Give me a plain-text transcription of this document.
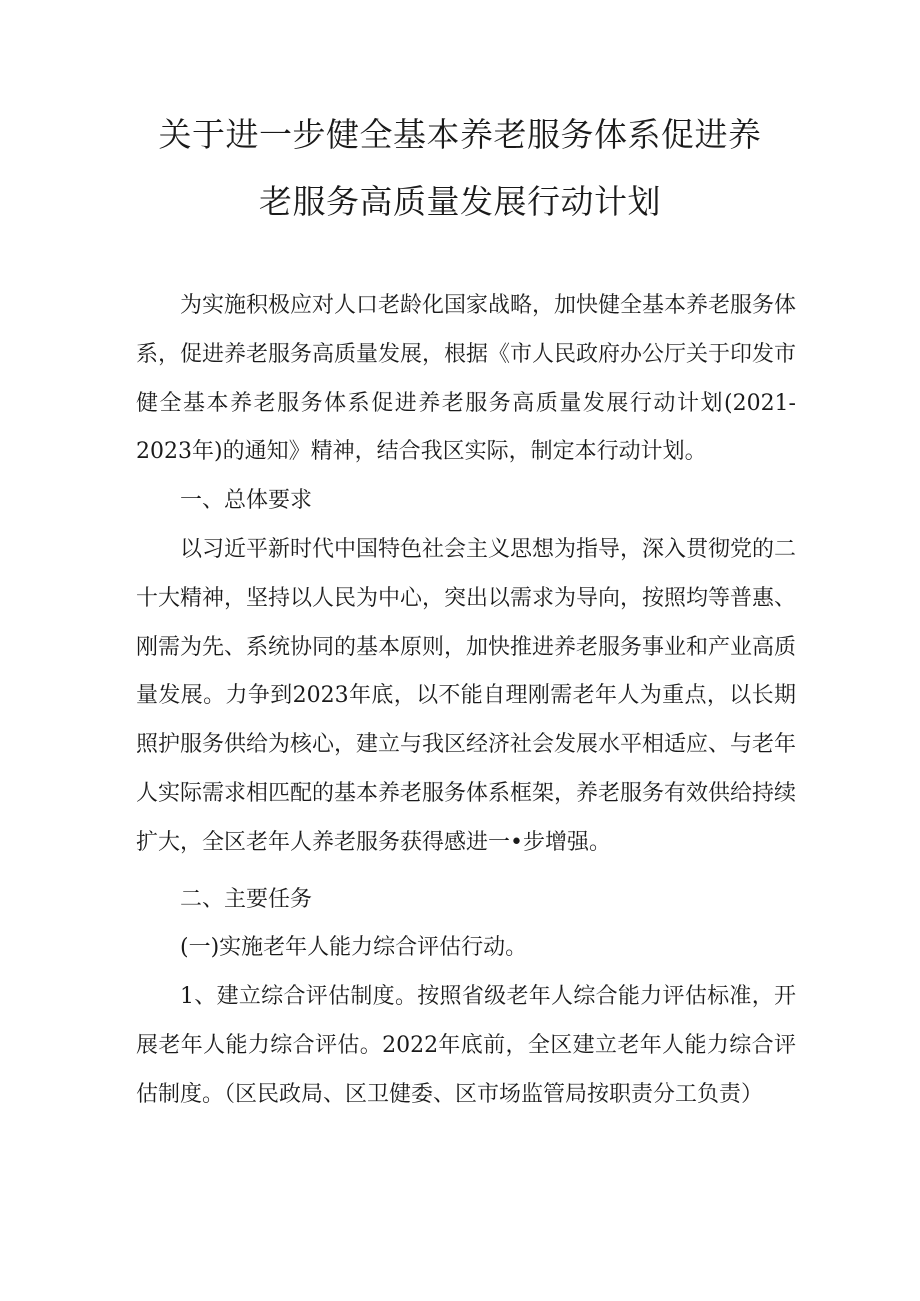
关于进一步健全基本养老服务体系促进养
老服务高质量发展行动计划

为实施积极应对人口老龄化国家战略，加快健全基本养老服务体系，促进养老服务高质量发展，根据《市人民政府办公厅关于印发市健全基本养老服务体系促进养老服务高质量发展行动计划(2021-2023年)的通知》精神，结合我区实际，制定本行动计划。

一、总体要求

以习近平新时代中国特色社会主义思想为指导，深入贯彻党的二十大精神，坚持以人民为中心，突出以需求为导向，按照均等普惠、刚需为先、系统协同的基本原则，加快推进养老服务事业和产业高质量发展。力争到2023年底，以不能自理刚需老年人为重点，以长期照护服务供给为核心，建立与我区经济社会发展水平相适应、与老年人实际需求相匹配的基本养老服务体系框架，养老服务有效供给持续扩大，全区老年人养老服务获得感进一•步增强。

二、主要任务

(一)实施老年人能力综合评估行动。

1、建立综合评估制度。按照省级老年人综合能力评估标准，开展老年人能力综合评估。2022年底前，全区建立老年人能力综合评估制度。（区民政局、区卫健委、区市场监管局按职责分工负责）
